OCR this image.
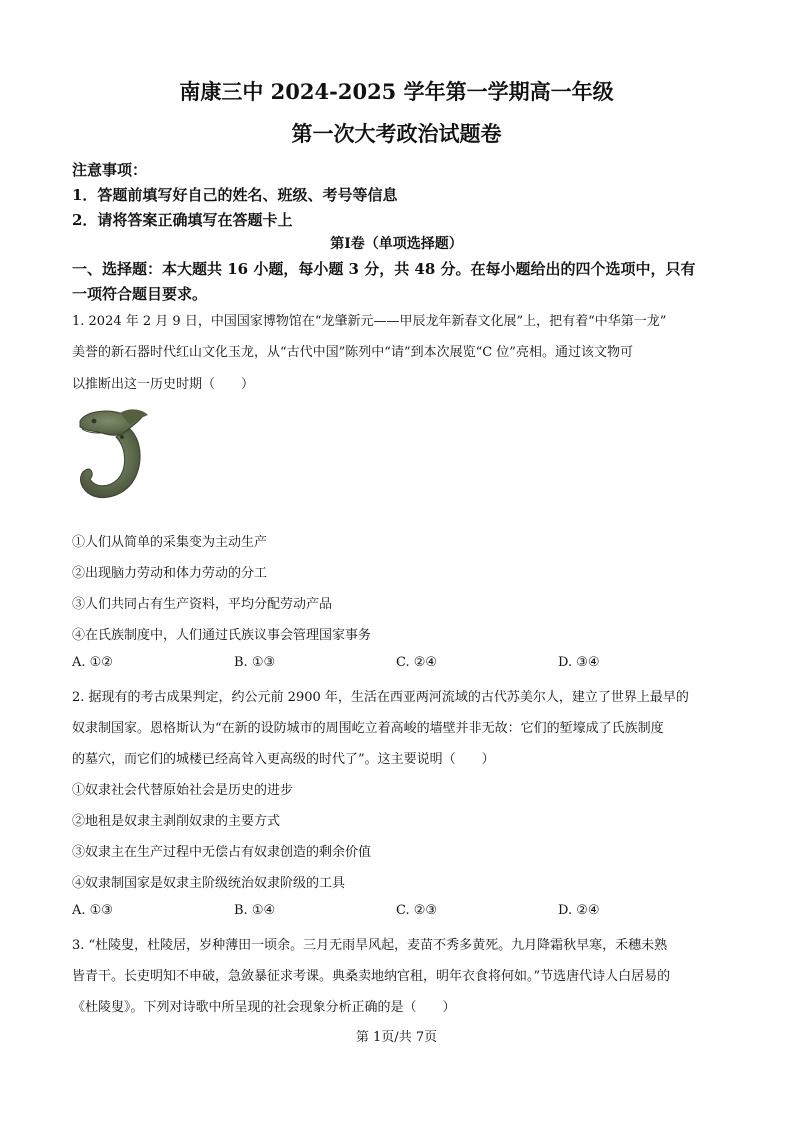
南康三中 2024-2025 学年第一学期高一年级
第一次大考政治试题卷
注意事项：
1．答题前填写好自己的姓名、班级、考号等信息
2．请将答案正确填写在答题卡上
第Ⅰ卷（单项选择题）
一、选择题：本大题共 16 小题，每小题 3 分，共 48 分。在每小题给出的四个选项中，只有
一项符合题目要求。
1. 2024 年 2 月 9 日，中国国家博物馆在“龙肇新元——甲辰龙年新春文化展”上，把有着“中华第一龙”
美誉的新石器时代红山文化玉龙，从“古代中国”陈列中“请”到本次展览“C 位”亮相。通过该文物可
以推断出这一历史时期（　　）
①人们从简单的采集变为主动生产
②出现脑力劳动和体力劳动的分工
③人们共同占有生产资料，平均分配劳动产品
④在氏族制度中，人们通过氏族议事会管理国家事务
A. ①②	B. ①③	C. ②④	D. ③④
2. 据现有的考古成果判定，约公元前 2900 年，生活在西亚两河流域的古代苏美尔人，建立了世界上最早的
奴隶制国家。恩格斯认为“在新的设防城市的周围屹立着高峻的墙壁并非无故：它们的堑壕成了氏族制度
的墓穴，而它们的城楼已经高耸入更高级的时代了”。这主要说明（　　）
①奴隶社会代替原始社会是历史的进步
②地租是奴隶主剥削奴隶的主要方式
③奴隶主在生产过程中无偿占有奴隶创造的剩余价值
④奴隶制国家是奴隶主阶级统治奴隶阶级的工具
A. ①③	B. ①④	C. ②③	D. ②④
3. “杜陵叟，杜陵居，岁种薄田一顷余。三月无雨旱风起，麦苗不秀多黄死。九月降霜秋早寒，禾穗未熟
皆青干。长吏明知不申破，急敛暴征求考课。典桑卖地纳官租，明年衣食将何如。”节选唐代诗人白居易的
《杜陵叟》。下列对诗歌中所呈现的社会现象分析正确的是（　　）
第 1页/共 7页
